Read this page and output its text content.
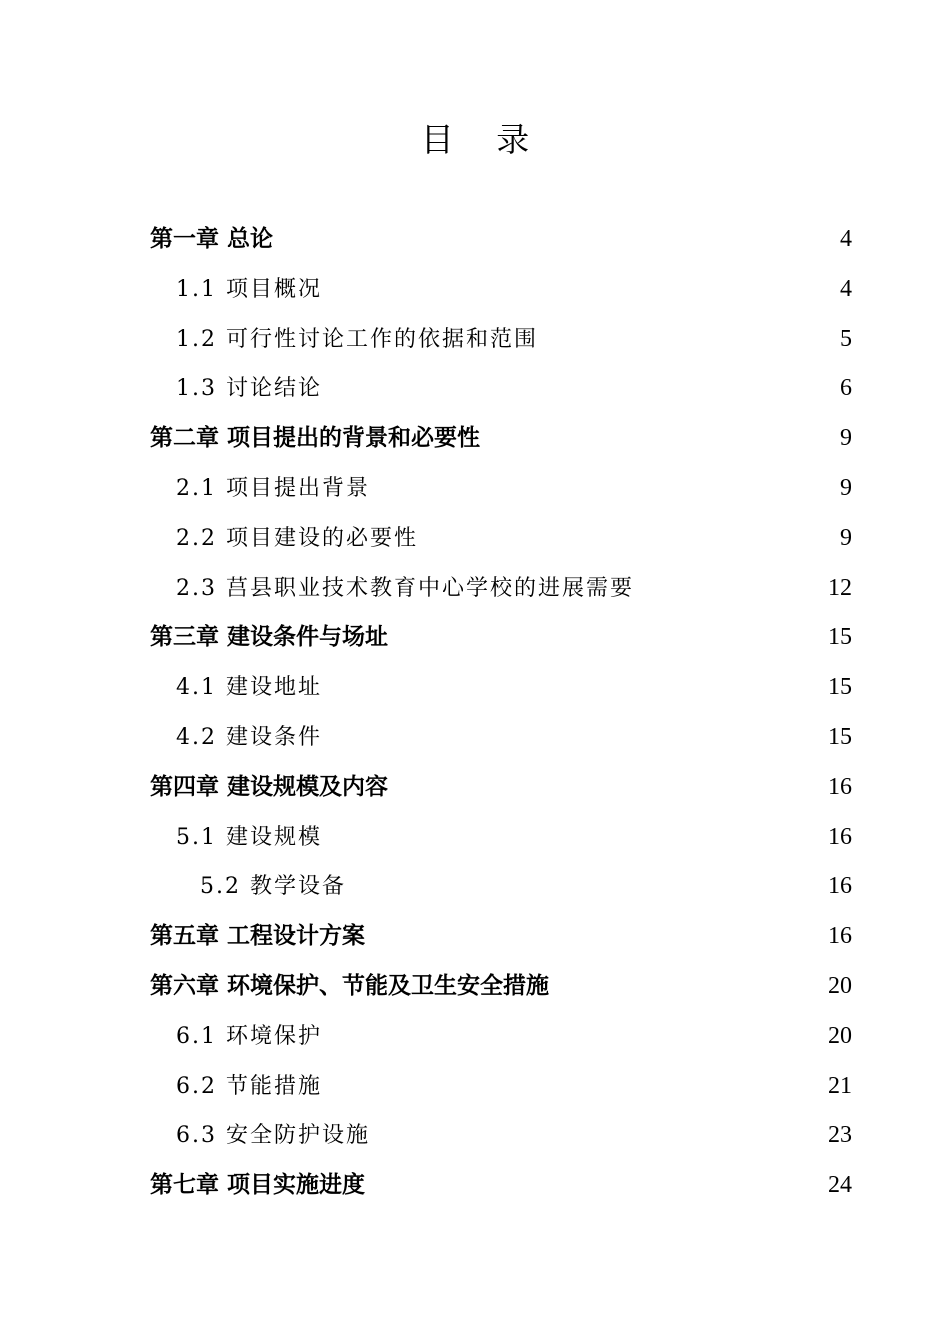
目 录
第一章 总论	4
1.1 项目概况	4
1.2 可行性讨论工作的依据和范围	5
1.3 讨论结论	6
第二章 项目提出的背景和必要性	9
2.1 项目提出背景	9
2.2 项目建设的必要性	9
2.3 莒县职业技术教育中心学校的进展需要	12
第三章 建设条件与场址	15
4.1 建设地址	15
4.2 建设条件	15
第四章 建设规模及内容	16
5.1 建设规模	16
5.2 教学设备	16
第五章 工程设计方案	16
第六章 环境保护、节能及卫生安全措施	20
6.1 环境保护	20
6.2 节能措施	21
6.3 安全防护设施	23
第七章 项目实施进度	24
